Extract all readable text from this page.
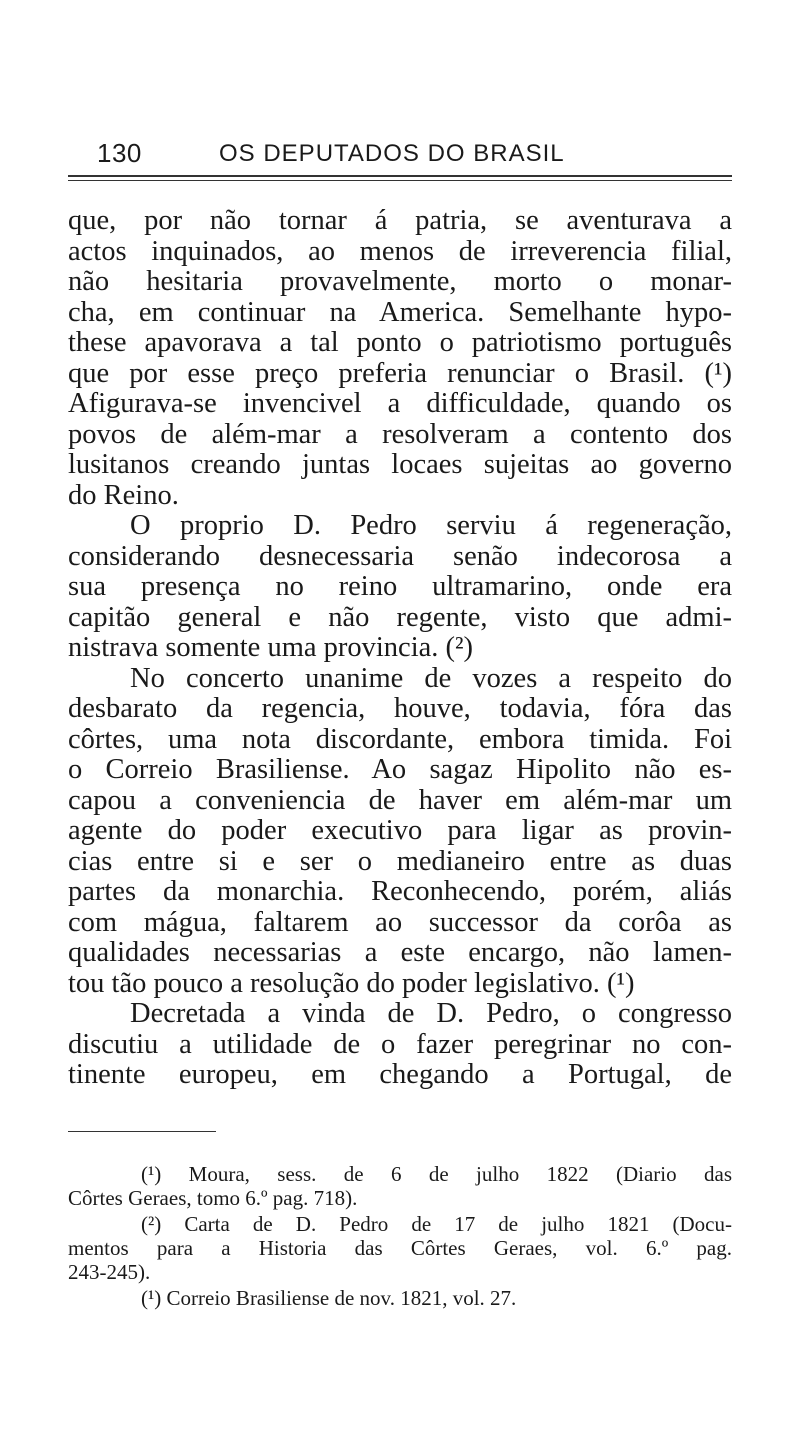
130	OS DEPUTADOS DO BRASIL
que, por não tornar á patria, se aventurava a
actos inquinados, ao menos de irreverencia filial,
não hesitaria provavelmente, morto o monar-
cha, em continuar na America. Semelhante hypo-
these apavorava a tal ponto o patriotismo português
que por esse preço preferia renunciar o Brasil. (¹)
Afigurava-se invencivel a difficuldade, quando os
povos de além-mar a resolveram a contento dos
lusitanos creando juntas locaes sujeitas ao governo
do Reino.
O proprio D. Pedro serviu á regeneração,
considerando desnecessaria senão indecorosa a
sua presença no reino ultramarino, onde era
capitão general e não regente, visto que admi-
nistrava somente uma provincia. (²)
No concerto unanime de vozes a respeito do
desbarato da regencia, houve, todavia, fóra das
côrtes, uma nota discordante, embora timida. Foi
o Correio Brasiliense. Ao sagaz Hipolito não es-
capou a conveniencia de haver em além-mar um
agente do poder executivo para ligar as provin-
cias entre si e ser o medianeiro entre as duas
partes da monarchia. Reconhecendo, porém, aliás
com mágua, faltarem ao successor da corôa as
qualidades necessarias a este encargo, não lamen-
tou tão pouco a resolução do poder legislativo. (¹)
Decretada a vinda de D. Pedro, o congresso
discutiu a utilidade de o fazer peregrinar no con-
tinente europeu, em chegando a Portugal, de
(¹) Moura, sess. de 6 de julho 1822 (Diario das
Côrtes Geraes, tomo 6.º pag. 718).
(²) Carta de D. Pedro de 17 de julho 1821 (Docu-
mentos para a Historia das Côrtes Geraes, vol. 6.º pag.
243-245).
(¹) Correio Brasiliense de nov. 1821, vol. 27.
